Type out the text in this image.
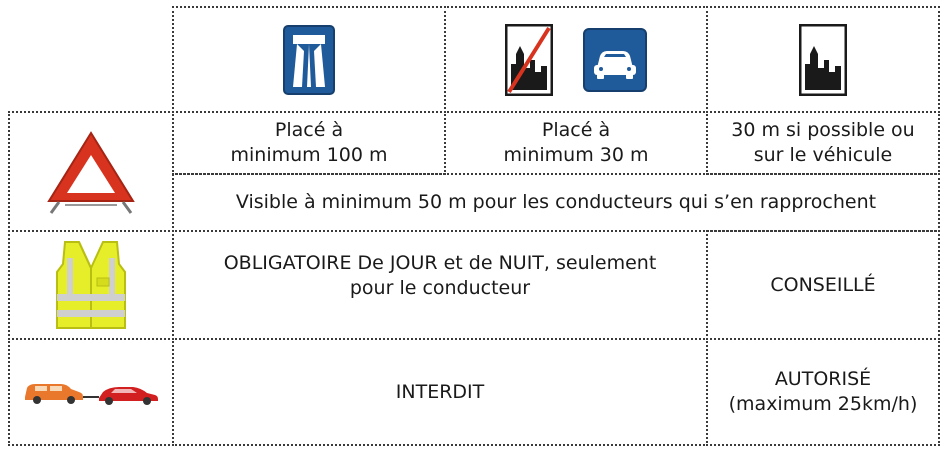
Placé à
minimum 100 m
Placé à
minimum 30 m
30 m si possible ou
sur le véhicule
Visible à minimum 50 m pour les conducteurs qui s’en rapprochent
OBLIGATOIRE De JOUR et de NUIT, seulement
pour le conducteur	CONSEILLÉ
INTERDIT
AUTORISÉ
(maximum 25km/h)
